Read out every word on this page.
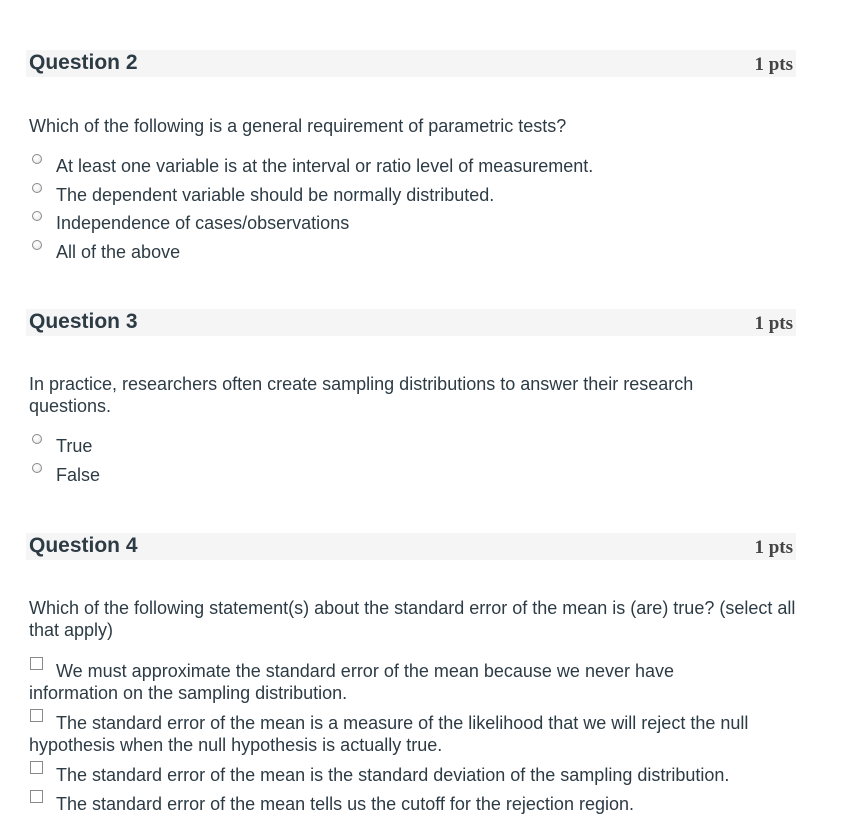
Question 2	1 pts
Which of the following is a general requirement of parametric tests?
At least one variable is at the interval or ratio level of measurement.
The dependent variable should be normally distributed.
Independence of cases/observations
All of the above
Question 3	1 pts
In practice, researchers often create sampling distributions to answer their research questions.
True
False
Question 4	1 pts
Which of the following statement(s) about the standard error of the mean is (are) true? (select all that apply)
We must approximate the standard error of the mean because we never have information on the sampling distribution.
The standard error of the mean is a measure of the likelihood that we will reject the null hypothesis when the null hypothesis is actually true.
The standard error of the mean is the standard deviation of the sampling distribution.
The standard error of the mean tells us the cutoff for the rejection region.
